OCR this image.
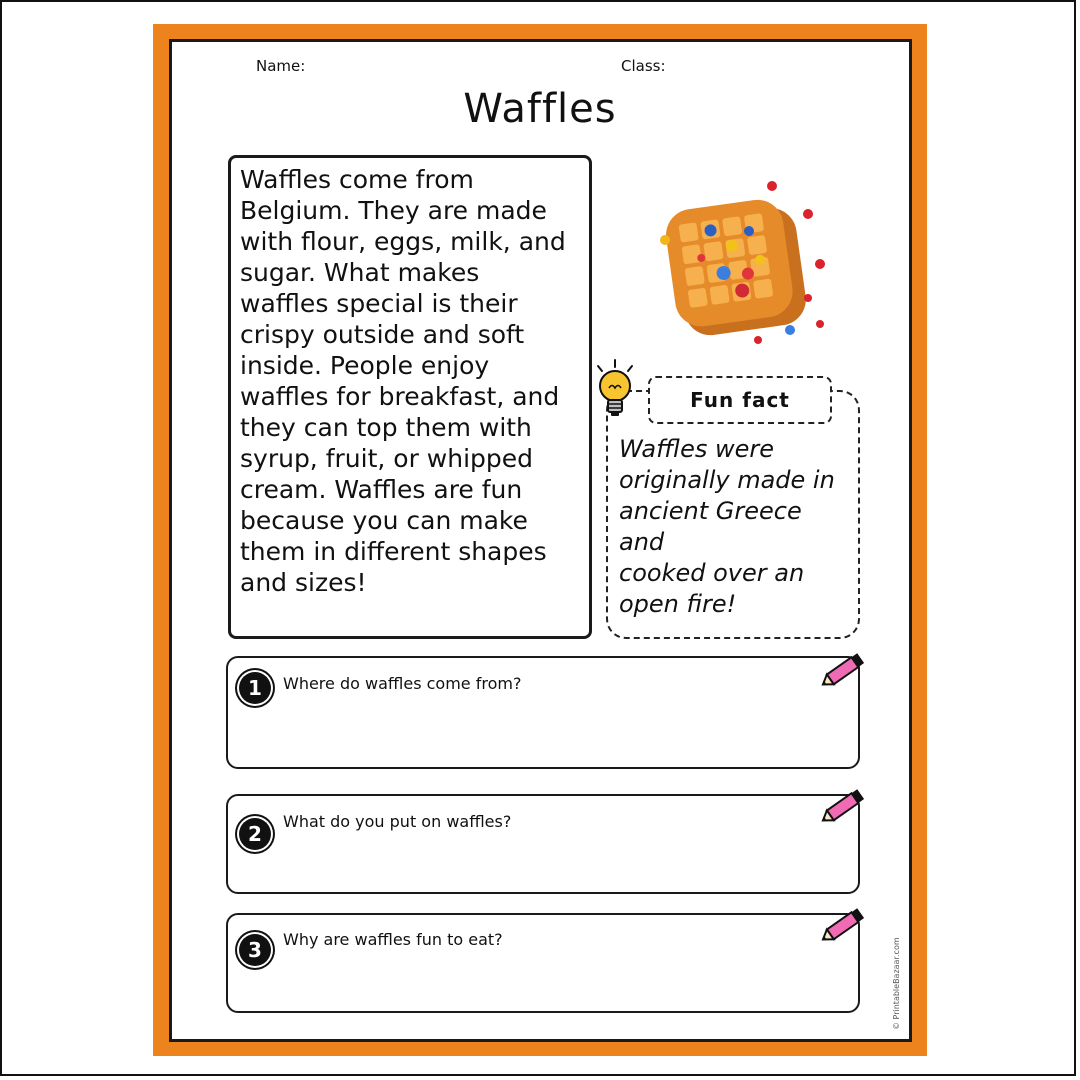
Name:	Class:
Waffles
Waffles come from
Belgium. They are made
with flour, eggs, milk, and
sugar. What makes
waffles special is their
crispy outside and soft
inside. People enjoy
waffles for breakfast, and
they can top them with
syrup, fruit, or whipped
cream. Waffles are fun
because you can make
them in different shapes
and sizes!
Fun fact
Waffles were
originally made in
ancient Greece and
cooked over an
open fire!
1	Where do waffles come from?
2
What do you put on waffles?
3	Why are waffles fun to eat?	© PrintableBazaar.com
